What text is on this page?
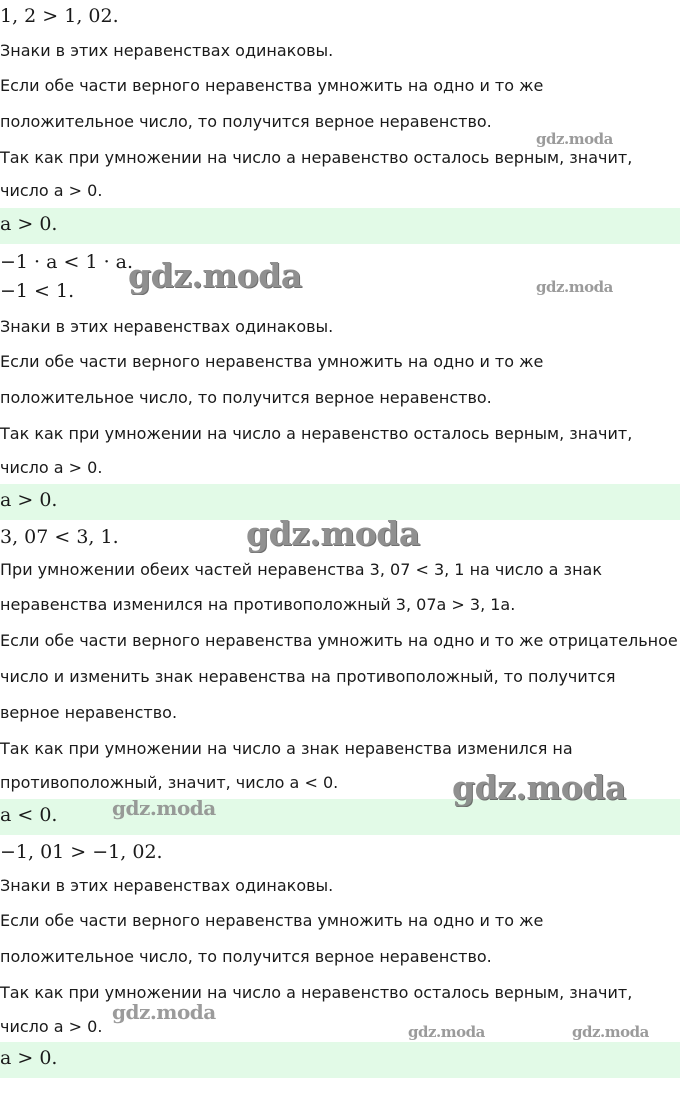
1, 2 > 1, 02.
Знаки в этих неравенствах одинаковы.
Если обе части верного неравенства умножить на одно и то же
положительное число, то получится верное неравенство.
Так как при умножении на число a неравенство осталось верным, значит,
число a > 0.
a > 0.
−1 · a < 1 · a.
−1 < 1.
Знаки в этих неравенствах одинаковы.
Если обе части верного неравенства умножить на одно и то же
положительное число, то получится верное неравенство.
Так как при умножении на число a неравенство осталось верным, значит,
число a > 0.
a > 0.
3, 07 < 3, 1.
При умножении обеих частей неравенства 3, 07 < 3, 1 на число a знак
неравенства изменился на противоположный 3, 07a > 3, 1a.
Если обе части верного неравенства умножить на одно и то же отрицательное
число и изменить знак неравенства на противоположный, то получится
верное неравенство.
Так как при умножении на число a знак неравенства изменился на
противоположный, значит, число a < 0.
a < 0.
−1, 01 > −1, 02.
Знаки в этих неравенствах одинаковы.
Если обе части верного неравенства умножить на одно и то же
положительное число, то получится верное неравенство.
Так как при умножении на число a неравенство осталось верным, значит,
число a > 0.
a > 0.
gdz.moda
gdz.moda	gdz.moda
gdz.moda
gdz.moda
gdz.moda
gdz.moda
gdz.moda	gdz.moda
